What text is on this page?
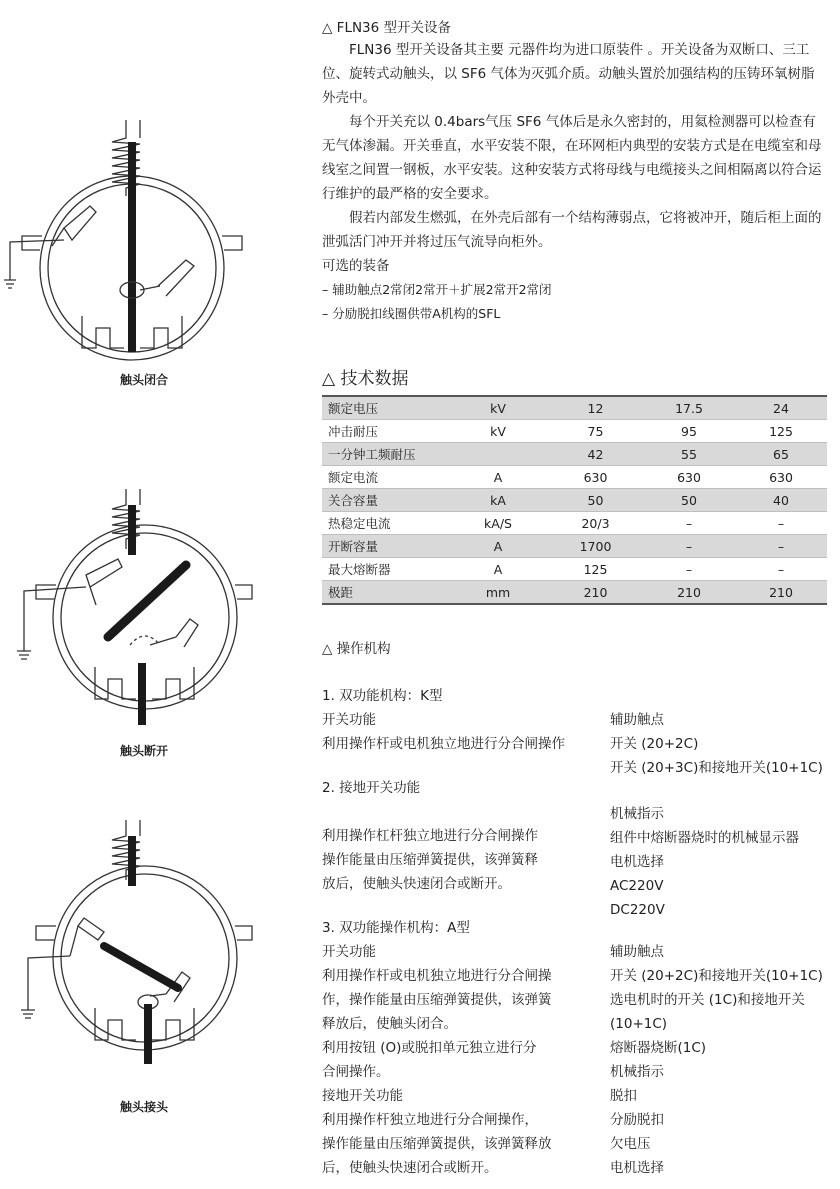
触头闭合
触头断开
触头接头
△ FLN36 型开关设备
FLN36 型开关设备其主要 元器件均为进口原装件 。开关设备为双断口、三工位、旋转式动触头，以 SF6 气体为灭弧介质。动触头置於加强结构的压铸环氧树脂外壳中。
每个开关充以 0.4bars气压 SF6 气体后是永久密封的，用氦检测器可以检查有无气体渗漏。开关垂直，水平安装不限，在环网柜内典型的安装方式是在电缆室和母线室之间置一钢板，水平安装。这种安装方式将母线与电缆接头之间相隔离以符合运行维护的最严格的安全要求。
假若内部发生燃弧，在外壳后部有一个结构薄弱点，它将被冲开，随后柜上面的泄弧活门冲开并将过压气流导向柜外。
可选的装备
– 辅助触点2常闭2常开＋扩展2常开2常闭
– 分励脱扣线圈供带A机构的SFL
△ 技术数据
额定电压	kV	12	17.5	24
冲击耐压	kV	75	95	125
一分钟工频耐压		42	55	65
额定电流	A	630	630	630
关合容量	kA	50	50	40
热稳定电流	kA/S	20/3	–	–
开断容量	A	1700	–	–
最大熔断器	A	125	–	–
极距	mm	210	210	210
△ 操作机构
1. 双功能机构：K型
开关功能
利用操作杆或电机独立地进行分合闸操作
2. 接地开关功能
利用操作杠杆独立地进行分合闸操作
操作能量由压缩弹簧提供，该弹簧释
放后，使触头快速闭合或断开。
3. 双功能操作机构：A型
开关功能
利用操作杆或电机独立地进行分合闸操
作，操作能量由压缩弹簧提供，该弹簧
释放后，使触头闭合。
利用按钮 (O)或脱扣单元独立进行分
合闸操作。
接地开关功能
利用操作杆独立地进行分合闸操作，
操作能量由压缩弹簧提供，该弹簧释放
后，使触头快速闭合或断开。
辅助触点
开关 (20+2C)
开关 (20+3C)和接地开关(10+1C)
机械指示
组件中熔断器烧时的机械显示器
电机选择
AC220V
DC220V
辅助触点
开关 (20+2C)和接地开关(10+1C)
选电机时的开关 (1C)和接地开关
(10+1C)
熔断器烧断(1C)
机械指示
脱扣
分励脱扣
欠电压
电机选择
